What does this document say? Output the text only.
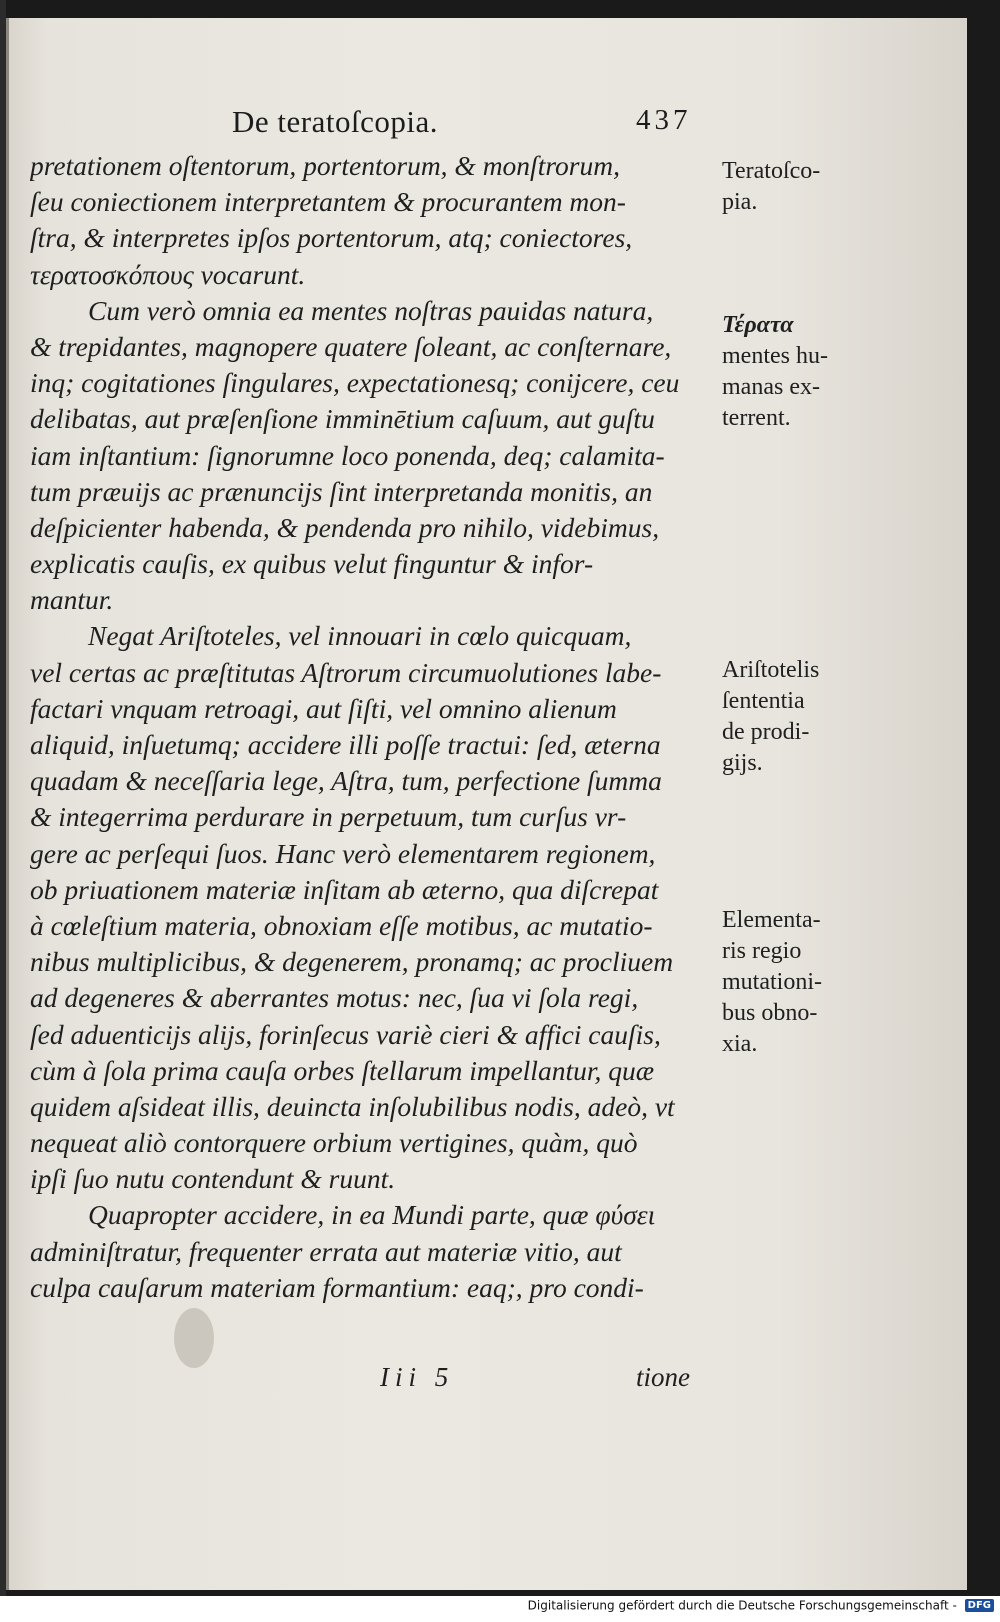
De teratoſcopia.	437
pretationem oſtentorum, portentorum, & monſtrorum,
ſeu coniectionem interpretantem & procurantem mon-
ſtra, & interpretes ipſos portentorum, atq; coniectores,
τερατοσκόπους vocarunt.
Cum verò omnia ea mentes noſtras pauidas natura,
& trepidantes, magnopere quatere ſoleant, ac conſternare,
inq; cogitationes ſingulares, expectationesq; conijcere, ceu
delibatas, aut præſenſione imminētium caſuum, aut guſtu
iam inſtantium: ſignorumne loco ponenda, deq; calamita-
tum præuijs ac prænuncijs ſint interpretanda monitis, an
deſpicienter habenda, & pendenda pro nihilo, videbimus,
explicatis cauſis, ex quibus velut finguntur & infor-
mantur.
Negat Ariſtoteles, vel innouari in cœlo quicquam,
vel certas ac præſtitutas Aſtrorum circumuolutiones labe-
factari vnquam retroagi, aut ſiſti, vel omnino alienum
aliquid, inſuetumq; accidere illi poſſe tractui: ſed, æterna
quadam & neceſſaria lege, Aſtra, tum, perfectione ſumma
& integerrima perdurare in perpetuum, tum curſus vr-
gere ac perſequi ſuos. Hanc verò elementarem regionem,
ob priuationem materiæ inſitam ab æterno, qua diſcrepat
à cœleſtium materia, obnoxiam eſſe motibus, ac mutatio-
nibus multiplicibus, & degenerem, pronamq; ac procliuem
ad degeneres & aberrantes motus: nec, ſua vi ſola regi,
ſed aduenticijs alijs, forinſecus variè cieri & affici cauſis,
cùm à ſola prima cauſa orbes ſtellarum impellantur, quæ
quidem aſsideat illis, deuincta inſolubilibus nodis, adeò, vt
nequeat aliò contorquere orbium vertigines, quàm, quò
ipſi ſuo nutu contendunt & ruunt.
Quapropter accidere, in ea Mundi parte, quæ φύσει
adminiſtratur, frequenter errata aut materiæ vitio, aut
culpa cauſarum materiam formantium: eaq;, pro condi-
Teratoſco-
pia.
Τέρατα
mentes hu-
manas ex-
terrent.
Ariſtotelis
ſententia
de prodi-
gijs.
Elementa-
ris regio
mutationi-
bus obno-
xia.
Iii 5	tione
Digitalisierung gefördert durch die Deutsche Forschungsgemeinschaft - DFG
